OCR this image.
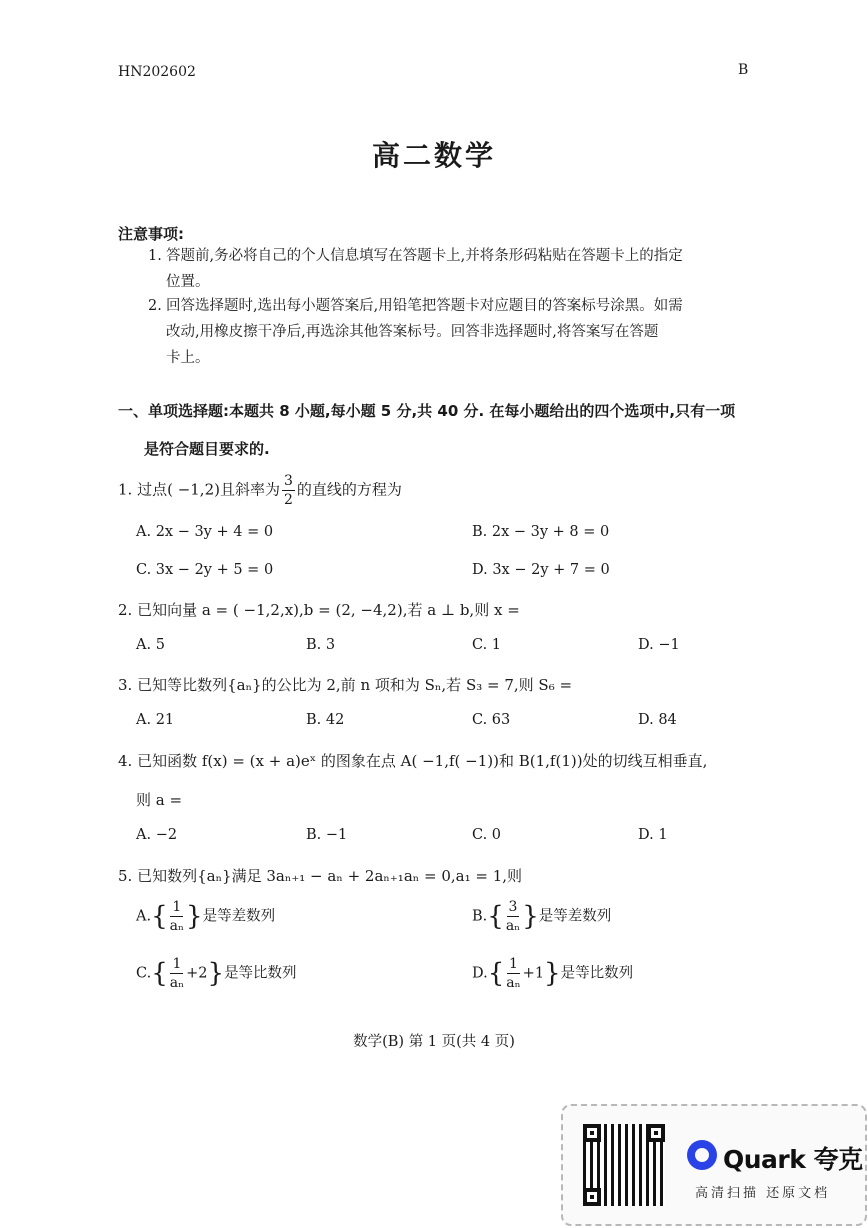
HN202602	B
高二数学
注意事项:
1. 答题前,务必将自己的个人信息填写在答题卡上,并将条形码粘贴在答题卡上的指定
位置。
2. 回答选择题时,选出每小题答案后,用铅笔把答题卡对应题目的答案标号涂黑。如需
改动,用橡皮擦干净后,再选涂其他答案标号。回答非选择题时,将答案写在答题
卡上。
一、单项选择题:本题共 8 小题,每小题 5 分,共 40 分. 在每小题给出的四个选项中,只有一项
是符合题目要求的.
1. 过点( −1,2)且斜率为 $\frac{3}{2}$ 的直线的方程为
A. 2x − 3y + 4 = 0	B. 2x − 3y + 8 = 0
C. 3x − 2y + 5 = 0	D. 3x − 2y + 7 = 0
2. 已知向量 a = ( −1,2,x),b = (2, −4,2),若 a ⊥ b,则 x =
A. 5	B. 3	C. 1	D. −1
3. 已知等比数列{aₙ}的公比为 2,前 n 项和为 Sₙ,若 S₃ = 7,则 S₆ =
A. 21	B. 42	C. 63	D. 84
4. 已知函数 f(x) = (x + a)eˣ 的图象在点 A( −1,f( −1))和 B(1,f(1))处的切线互相垂直,
则 a =
A. −2	B. −1	C. 0	D. 1
5. 已知数列{aₙ}满足 3aₙ₊₁ − aₙ + 2aₙ₊₁aₙ = 0,a₁ = 1,则
$A.\{ \frac{1}{\text{aₙ}}$ }是等差数列	$B.\{ \frac{3}{\text{aₙ}}$ }是等差数列
$C.\{ \frac{1}{\text{aₙ}} +2\}$是等比数列	$D.\{ \frac{1}{\text{aₙ}} +1\}$是等比数列
数学(B) 第 1 页(共 4 页)
Quark 夸克
高清扫描 还原文档
